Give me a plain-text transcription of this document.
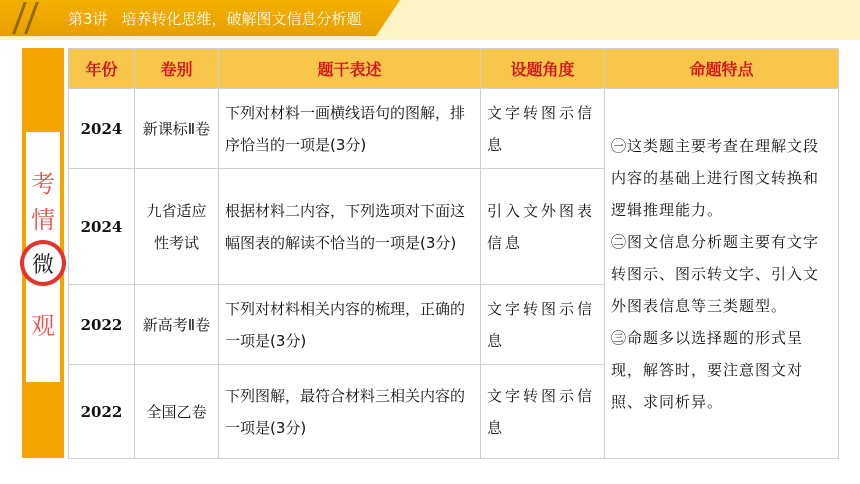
第3讲 培养转化思维，破解图文信息分析题
考
情
微
观
年份	卷别	题干表述	设题角度	命题特点
2024	新课标Ⅱ卷	下列对材料一画横线语句的图解，排序恰当的一项是(3分)	文字转图示信息	㊀这类题主要考查在理解文段内容的基础上进行图文转换和逻辑推理能力。
㊁图文信息分析题主要有文字转图示、图示转文字、引入文外图表信息等三类题型。
㊂命题多以选择题的形式呈现，解答时，要注意图文对照、求同析异。

2024	九省适应性考试	根据材料二内容，下列选项对下面这幅图表的解读不恰当的一项是(3分)	引入文外图表信息	
2022	新高考Ⅱ卷	下列对材料相关内容的梳理，正确的一项是(3分)	文字转图示信息	
2022	全国乙卷	下列图解，最符合材料三相关内容的一项是(3分)	文字转图示信息	
